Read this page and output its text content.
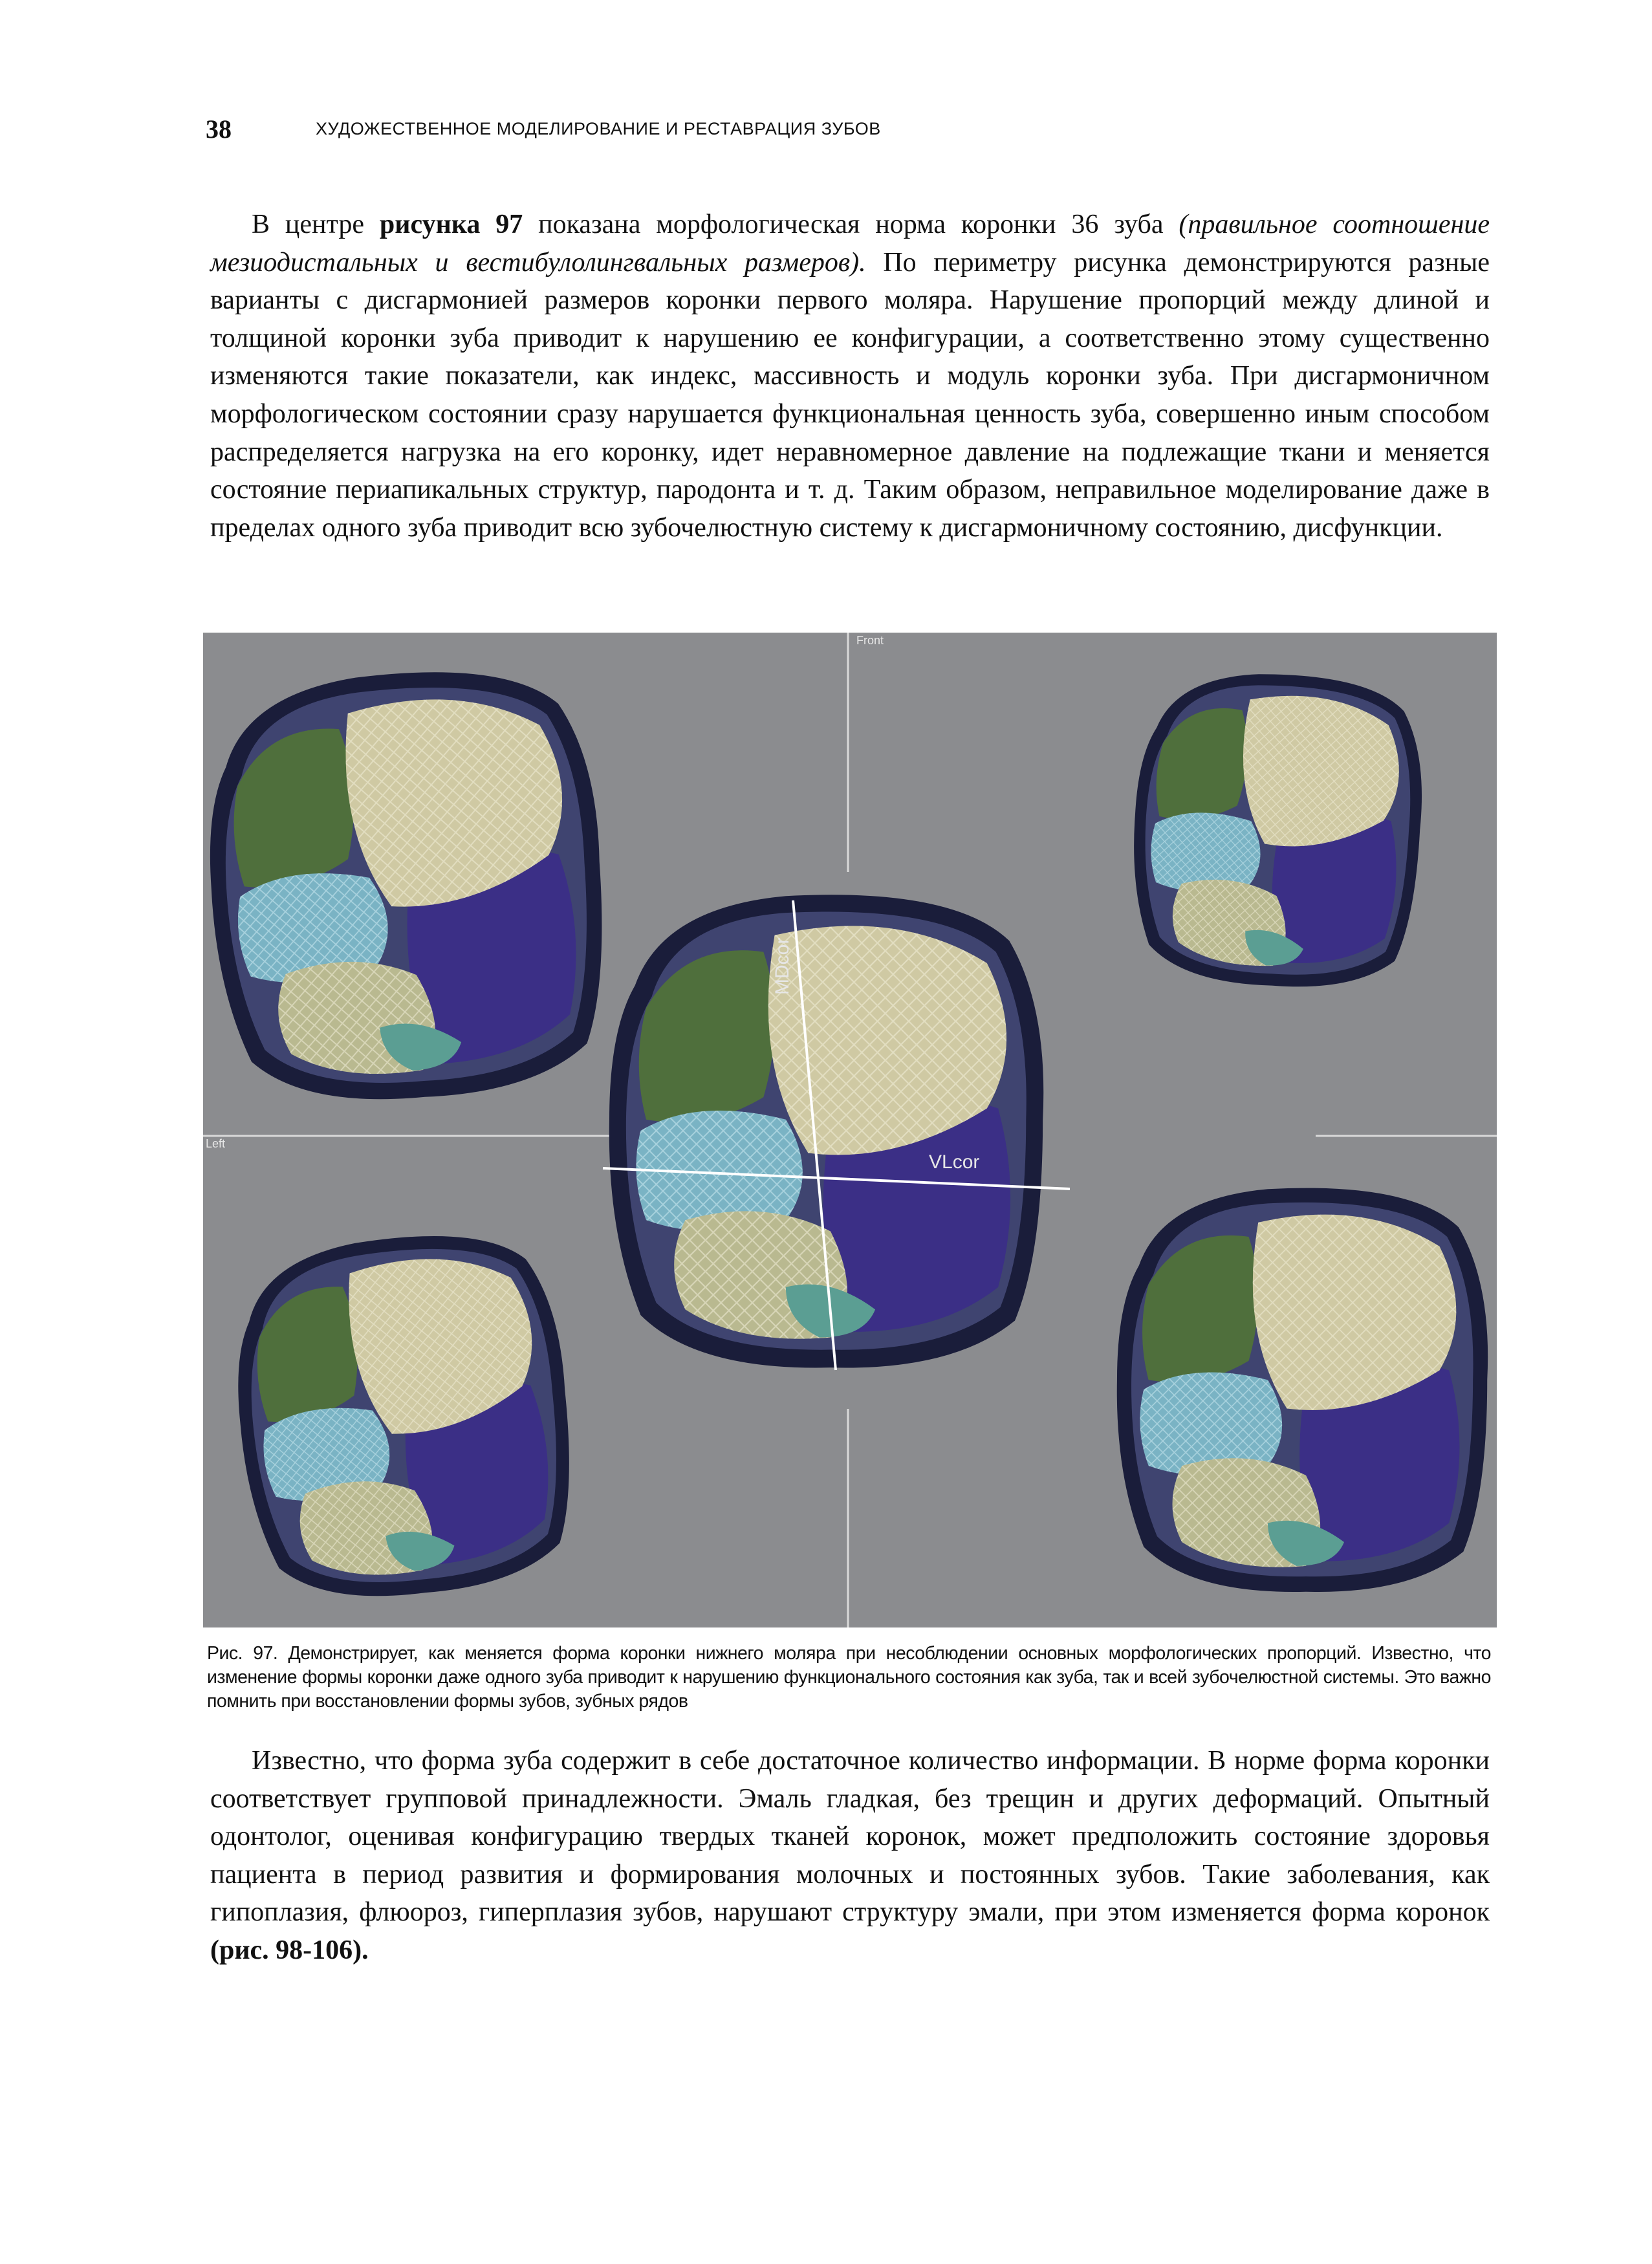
38	ХУДОЖЕСТВЕННОЕ МОДЕЛИРОВАНИЕ И РЕСТАВРАЦИЯ ЗУБОВ

В центре рисунка 97 показана морфологическая норма коронки 36 зуба (правильное соотношение мезиодистальных и вестибулолингвальных размеров). По периметру рисунка демонстрируются разные варианты с дисгармонией размеров коронки первого моляра. Нарушение пропорций между длиной и толщиной коронки зуба приводит к нарушению ее конфигурации, а соответственно этому существенно изменяются такие показатели, как индекс, массивность и модуль коронки зуба. При дисгармоничном морфологическом состоянии сразу нарушается функциональная ценность зуба, совершенно иным способом распределяется нагрузка на его коронку, идет неравномерное давление на подлежащие ткани и меняется состояние периапикальных структур, пародонта и т. д. Таким образом, неправильное моделирование даже в пределах одного зуба приводит всю зубочелюстную систему к дисгармоничному состоянию, дисфункции.

Front
Left
MDcor
VLcor

Рис. 97. Демонстрирует, как меняется форма коронки нижнего моляра при несоблюдении основных морфологических пропорций. Известно, что изменение формы коронки даже одного зуба приводит к нарушению функционального состояния как зуба, так и всей зубочелюстной системы. Это важно помнить при восстановлении формы зубов, зубных рядов

Известно, что форма зуба содержит в себе достаточное количество информации. В норме форма коронки соответствует групповой принадлежности. Эмаль гладкая, без трещин и других деформаций. Опытный одонтолог, оценивая конфигурацию твердых тканей коронок, может предположить состояние здоровья пациента в период развития и формирования молочных и постоянных зубов. Такие заболевания, как гипоплазия, флюороз, гиперплазия зубов, нарушают структуру эмали, при этом изменяется форма коронок (рис. 98-106).
